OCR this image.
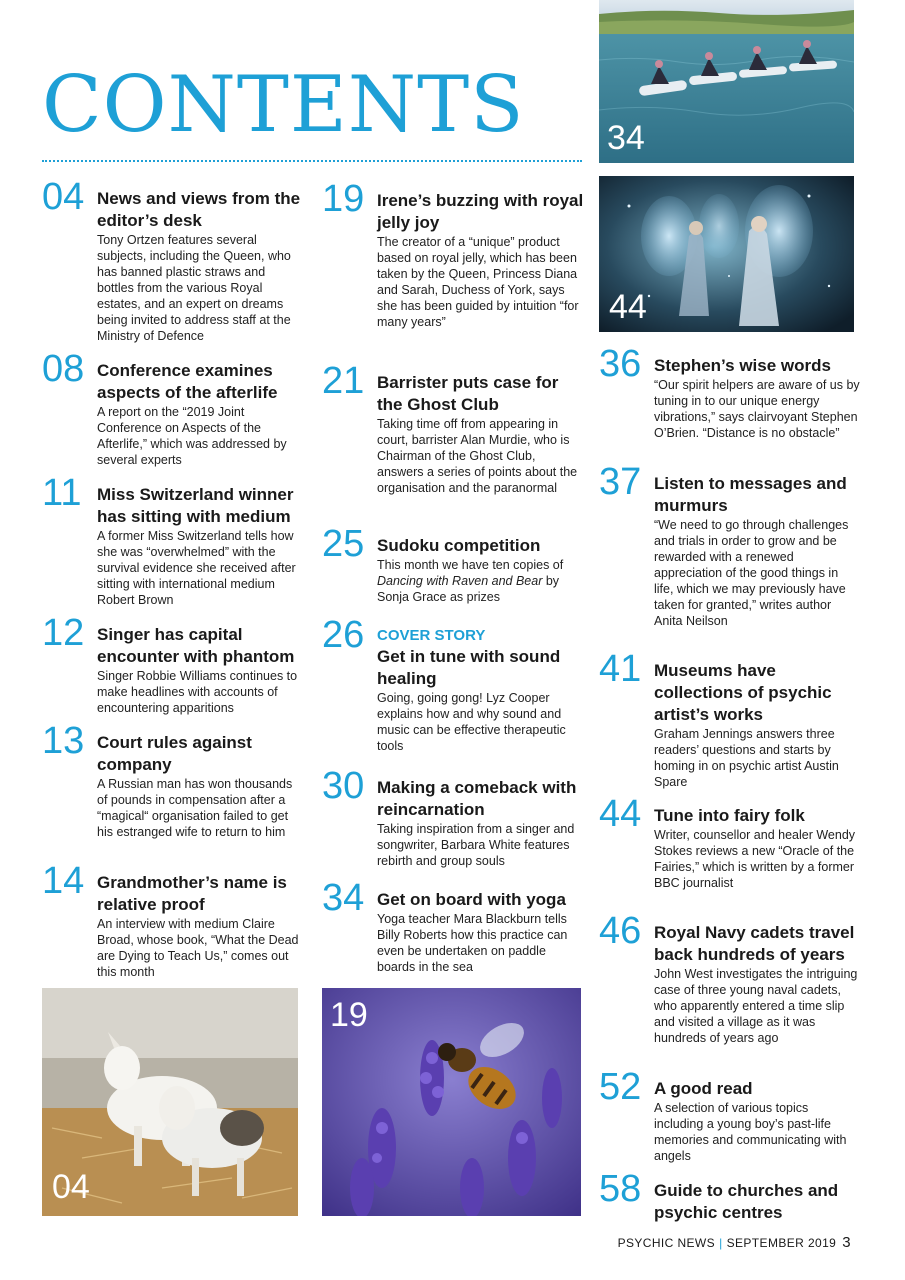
CONTENTS
04 News and views from the editor’s desk
Tony Ortzen features several subjects, including the Queen, who has banned plastic straws and bottles from the various Royal estates, and an expert on dreams being invited to address staff at the Ministry of Defence
08 Conference examines aspects of the afterlife
A report on the “2019 Joint Conference on Aspects of the Afterlife,” which was addressed by several experts
11 Miss Switzerland winner has sitting with medium
A former Miss Switzerland tells how she was “overwhelmed” with the survival evidence she received after sitting with international medium Robert Brown
12 Singer has capital encounter with phantom
Singer Robbie Williams continues to make headlines with accounts of encountering apparitions
13 Court rules against company
A Russian man has won thousands of pounds in compensation after a “magical“ organisation failed to get his estranged wife to return to him
14 Grandmother’s name is relative proof
An interview with medium Claire Broad, whose book, “What the Dead are Dying to Teach Us,” comes out this month
19 Irene’s buzzing with royal jelly joy
The creator of a “unique” product based on royal jelly, which has been taken by the Queen, Princess Diana and Sarah, Duchess of York, says she has been guided by intuition “for many years”
21 Barrister puts case for the Ghost Club
Taking time off from appearing in court, barrister Alan Murdie, who is Chairman of the Ghost Club, answers a series of points about the organisation and the paranormal
25 Sudoku competition
This month we have ten copies of Dancing with Raven and Bear by Sonja Grace as prizes
26 COVER STORY
Get in tune with sound healing
Going, going gong! Lyz Cooper explains how and why sound and music can be effective therapeutic tools
30 Making a comeback with reincarnation
Taking inspiration from a singer and songwriter, Barbara White features rebirth and group souls
34 Get on board with yoga
Yoga teacher Mara Blackburn tells Billy Roberts how this practice can even be undertaken on paddle boards in the sea
36 Stephen’s wise words
“Our spirit helpers are aware of us by tuning in to our unique energy vibrations,” says clairvoyant Stephen O’Brien. “Distance is no obstacle”
37 Listen to messages and murmurs
“We need to go through challenges and trials in order to grow and be rewarded with a renewed appreciation of the good things in life, which we may previously have taken for granted,” writes author Anita Neilson
41 Museums have collections of psychic artist’s works
Graham Jennings answers three readers’ questions and starts by homing in on psychic artist Austin Spare
44 Tune into fairy folk
Writer, counsellor and healer Wendy Stokes reviews a new “Oracle of the Fairies,” which is written by a former BBC journalist
46 Royal Navy cadets travel back hundreds of years
John West investigates the intriguing case of three young naval cadets, who apparently entered a time slip and visited a village as it was hundreds of years ago
52 A good read
A selection of various topics including a young boy’s past-life memories and communicating with angels
58 Guide to churches and psychic centres
34
44
04
19
PSYCHIC NEWS | SEPTEMBER 2019 3
